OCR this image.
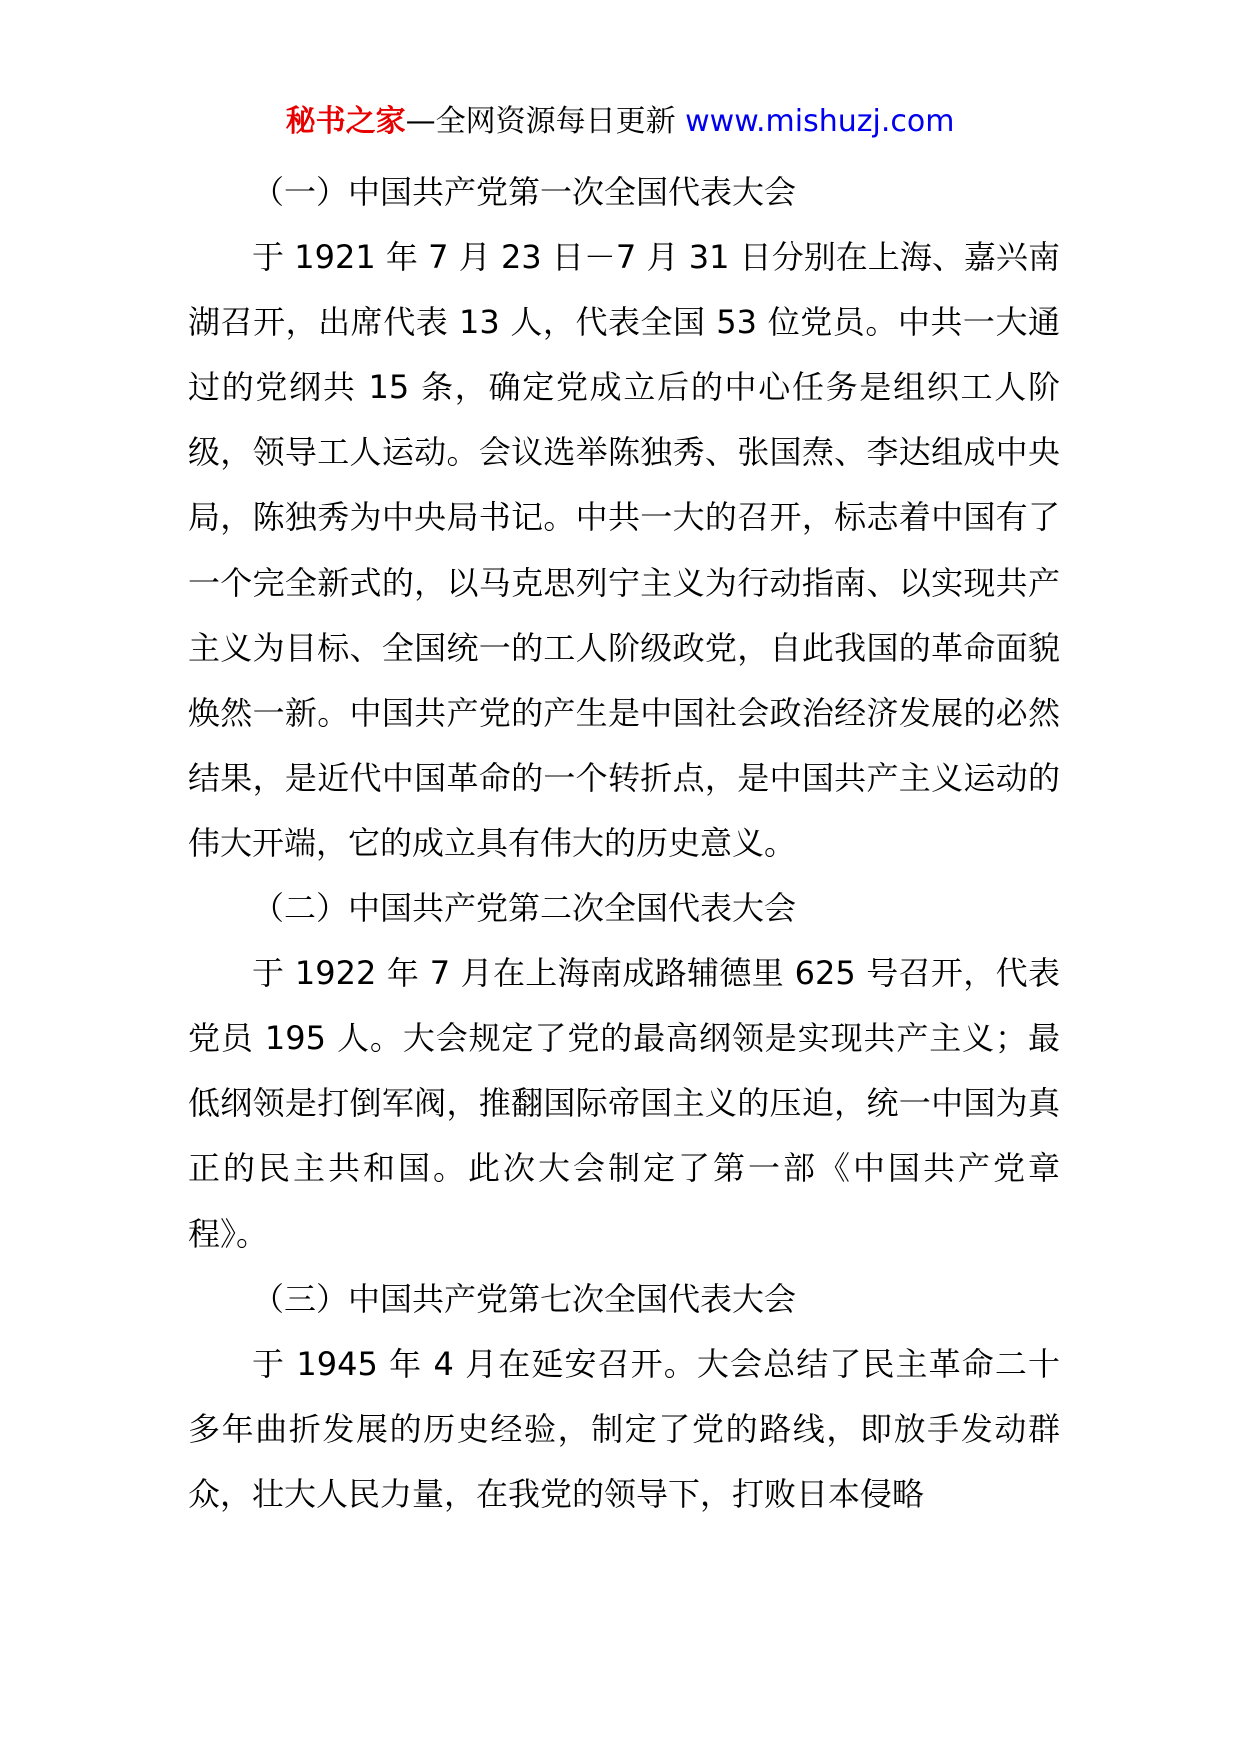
秘书之家—全网资源每日更新 www.mishuzj.com

（一）中国共产党第一次全国代表大会

于 1921 年 7 月 23 日－7 月 31 日分别在上海、嘉兴南湖召开，出席代表 13 人，代表全国 53 位党员。中共一大通过的党纲共 15 条，确定党成立后的中心任务是组织工人阶级，领导工人运动。会议选举陈独秀、张国焘、李达组成中央局，陈独秀为中央局书记。中共一大的召开，标志着中国有了一个完全新式的，以马克思列宁主义为行动指南、以实现共产主义为目标、全国统一的工人阶级政党，自此我国的革命面貌焕然一新。中国共产党的产生是中国社会政治经济发展的必然结果，是近代中国革命的一个转折点，是中国共产主义运动的伟大开端，它的成立具有伟大的历史意义。

（二）中国共产党第二次全国代表大会

于 1922 年 7 月在上海南成路辅德里 625 号召开，代表党员 195 人。大会规定了党的最高纲领是实现共产主义；最低纲领是打倒军阀，推翻国际帝国主义的压迫，统一中国为真正的民主共和国。此次大会制定了第一部《中国共产党章程》。

（三）中国共产党第七次全国代表大会

于 1945 年 4 月在延安召开。大会总结了民主革命二十多年曲折发展的历史经验，制定了党的路线，即放手发动群众，壮大人民力量，在我党的领导下，打败日本侵略
